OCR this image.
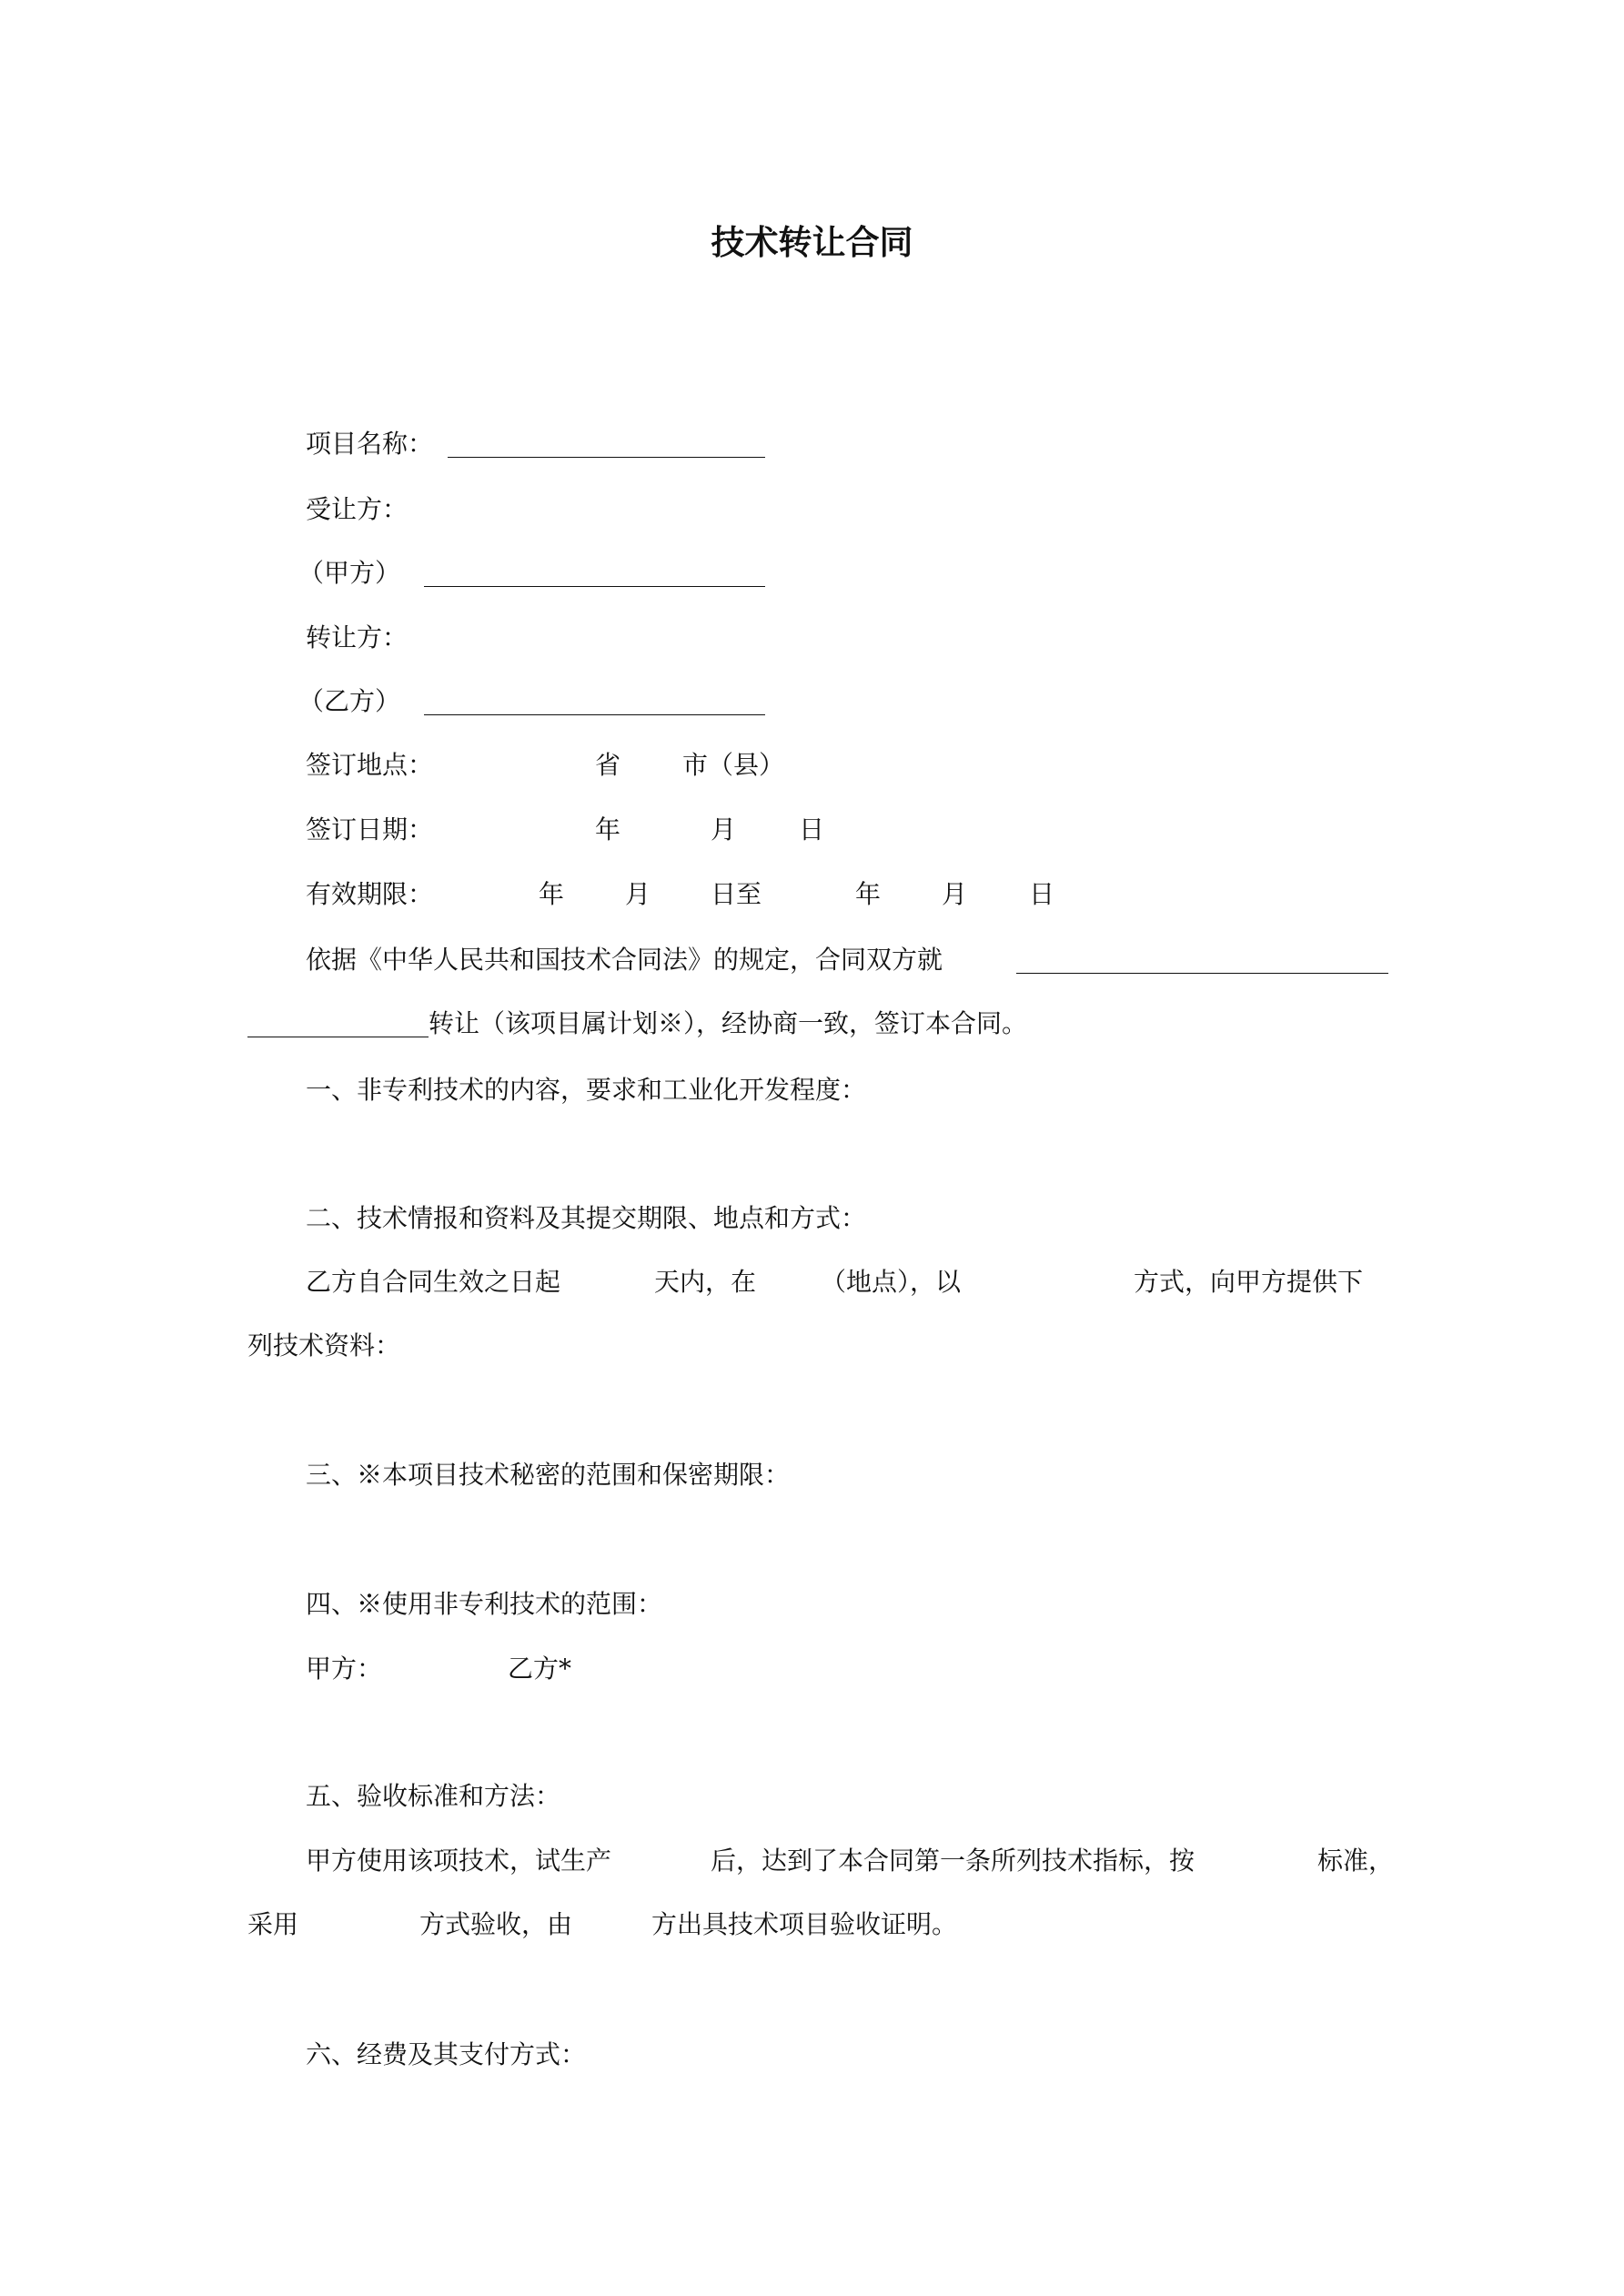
技术转让合同
项目名称：
受让方：
（甲方）
转让方：
（乙方）
签订地点：	省 市（县）
签订日期：	年	月 日
有效期限：	年 月 日至	年 月 日
依据《中华人民共和国技术合同法》的规定，合同双方就
转让（该项目属计划※），经协商一致，签订本合同。
一、非专利技术的内容，要求和工业化开发程度：
二、技术情报和资料及其提交期限、地点和方式：
乙方自合同生效之日起	天内，在	（地点），以	方式，向甲方提供下
列技术资料：
三、※本项目技术秘密的范围和保密期限：
四、※使用非专利技术的范围：
甲方：	乙方*
五、验收标准和方法：
甲方使用该项技术，试生产	后，达到了本合同第一条所列技术指标，按	标准，
采用	方式验收，由	方出具技术项目验收证明。
六、经费及其支付方式：
